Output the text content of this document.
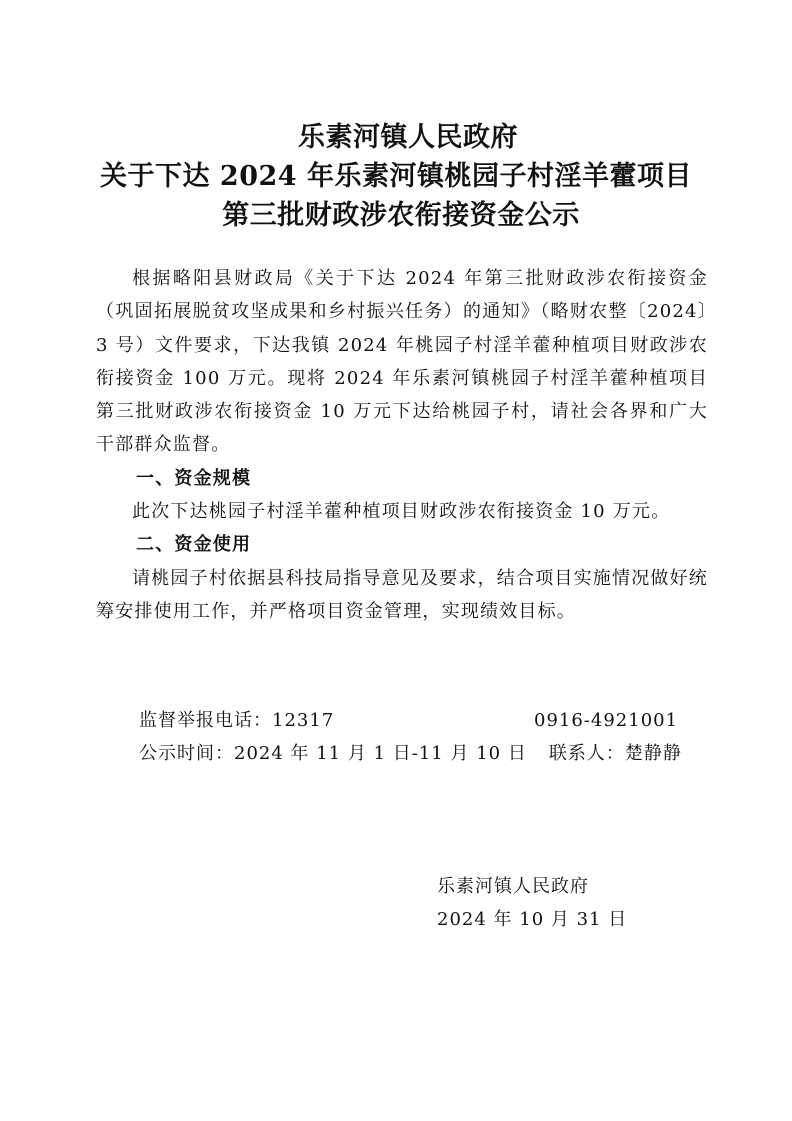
乐素河镇人民政府
关于下达 2024 年乐素河镇桃园子村淫羊藿项目
第三批财政涉农衔接资金公示

根据略阳县财政局《关于下达 2024 年第三批财政涉农衔接资金（巩固拓展脱贫攻坚成果和乡村振兴任务）的通知》（略财农整〔2024〕3 号）文件要求，下达我镇 2024 年桃园子村淫羊藿种植项目财政涉农衔接资金 100 万元。现将 2024 年乐素河镇桃园子村淫羊藿种植项目第三批财政涉农衔接资金 10 万元下达给桃园子村，请社会各界和广大干部群众监督。

一、资金规模

此次下达桃园子村淫羊藿种植项目财政涉农衔接资金 10 万元。

二、资金使用

请桃园子村依据县科技局指导意见及要求，结合项目实施情况做好统筹安排使用工作，并严格项目资金管理，实现绩效目标。

监督举报电话：12317	0916-4921001
公示时间：2024 年 11 月 1 日-11 月 10 日 联系人：楚静静
乐素河镇人民政府
2024 年 10 月 31 日
